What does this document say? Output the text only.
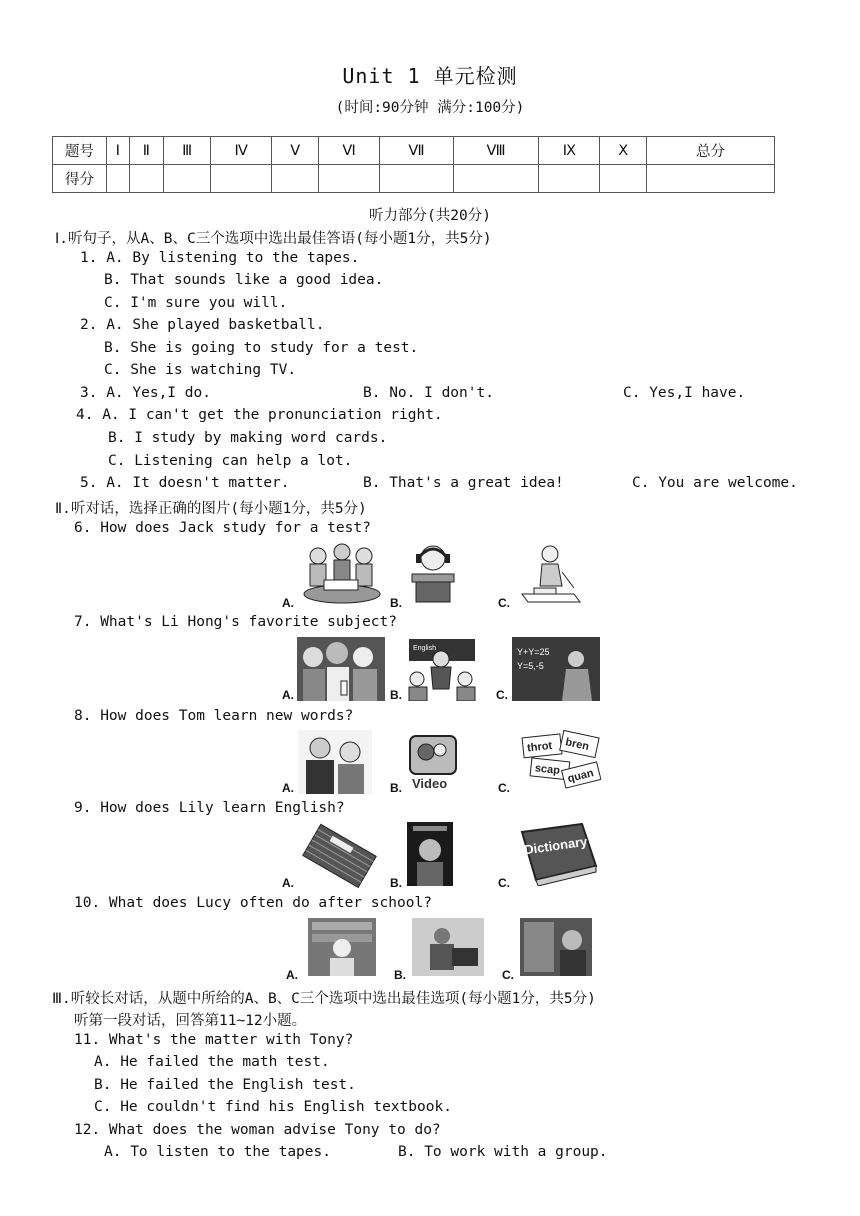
Unit 1 单元检测
(时间:90分钟 满分:100分)
题号	Ⅰ	Ⅱ	Ⅲ	Ⅳ	Ⅴ	Ⅵ	Ⅶ	Ⅷ	Ⅸ	Ⅹ	总分
得分											
听力部分(共20分)
Ⅰ.听句子，从A、B、C三个选项中选出最佳答语(每小题1分，共5分)
1. A. By listening to the tapes.
B. That sounds like a good idea.
C. I'm sure you will.
2. A. She played basketball.
B. She is going to study for a test.
C. She is watching TV.
3. A. Yes,I do.	B. No. I don't.	C. Yes,I have.
4. A. I can't get the pronunciation right.
B. I study by making word cards.
C. Listening can help a lot.
5. A. It doesn't matter.	B. That's a great idea!	C. You are welcome.
Ⅱ.听对话，选择正确的图片(每小题1分，共5分)
6. How does Jack study for a test?
A.	B.	C.
7. What's Li Hong's favorite subject?
A.	B.
English
C.
Y+Y=25
Y=5,-5
8. How does Tom learn new words?
A.	B. Video	C.
throt bren
scap quan
9. How does Lily learn English?
A.	B.	C.
Dictionary
10. What does Lucy often do after school?
A.	B.	C.
Ⅲ.听较长对话，从题中所给的A、B、C三个选项中选出最佳选项(每小题1分，共5分)
听第一段对话，回答第11~12小题。
11. What's the matter with Tony?
A. He failed the math test.
B. He failed the English test.
C. He couldn't find his English textbook.
12. What does the woman advise Tony to do?
A. To listen to the tapes.	B. To work with a group.
